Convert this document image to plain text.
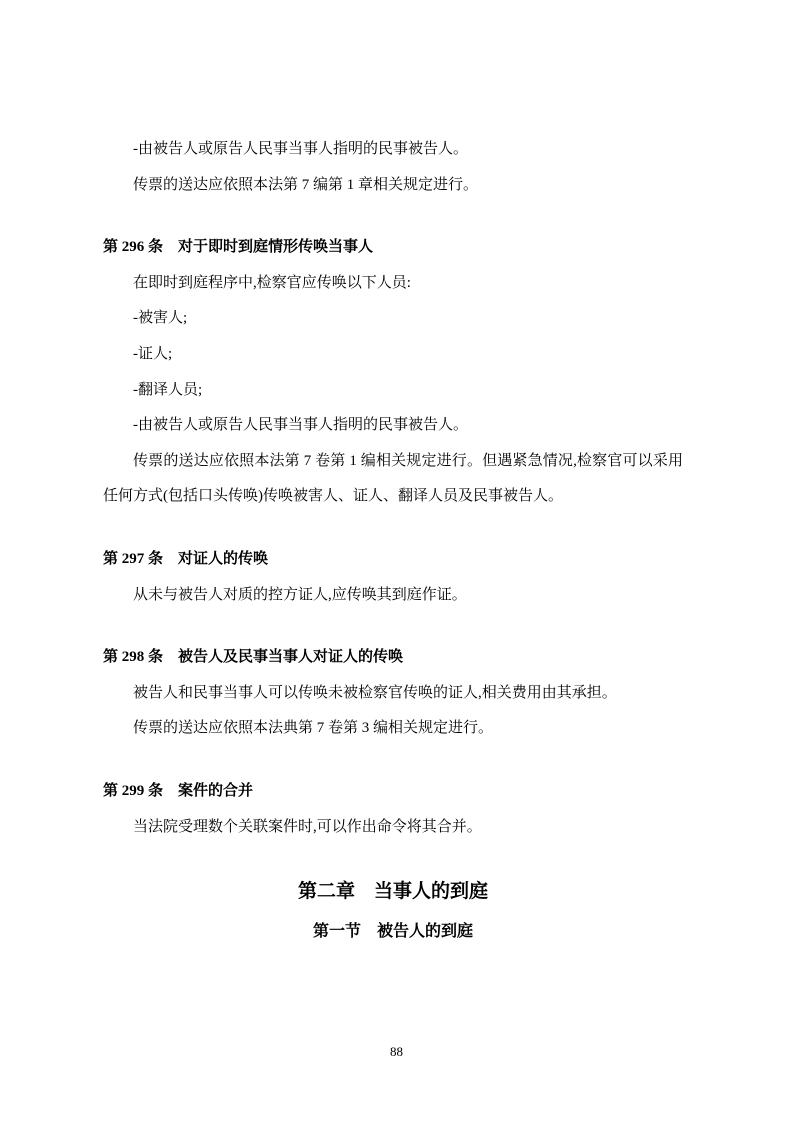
-由被告人或原告人民事当事人指明的民事被告人。

传票的送达应依照本法第 7 编第 1 章相关规定进行。

第 296 条　对于即时到庭情形传唤当事人

在即时到庭程序中,检察官应传唤以下人员:

-被害人;

-证人;

-翻译人员;

-由被告人或原告人民事当事人指明的民事被告人。

传票的送达应依照本法第 7 卷第 1 编相关规定进行。但遇紧急情况,检察官可以采用任何方式(包括口头传唤)传唤被害人、证人、翻译人员及民事被告人。

第 297 条　对证人的传唤

从未与被告人对质的控方证人,应传唤其到庭作证。

第 298 条　被告人及民事当事人对证人的传唤

被告人和民事当事人可以传唤未被检察官传唤的证人,相关费用由其承担。

传票的送达应依照本法典第 7 卷第 3 编相关规定进行。

第 299 条　案件的合并

当法院受理数个关联案件时,可以作出命令将其合并。

第二章　当事人的到庭
第一节　被告人的到庭
88
